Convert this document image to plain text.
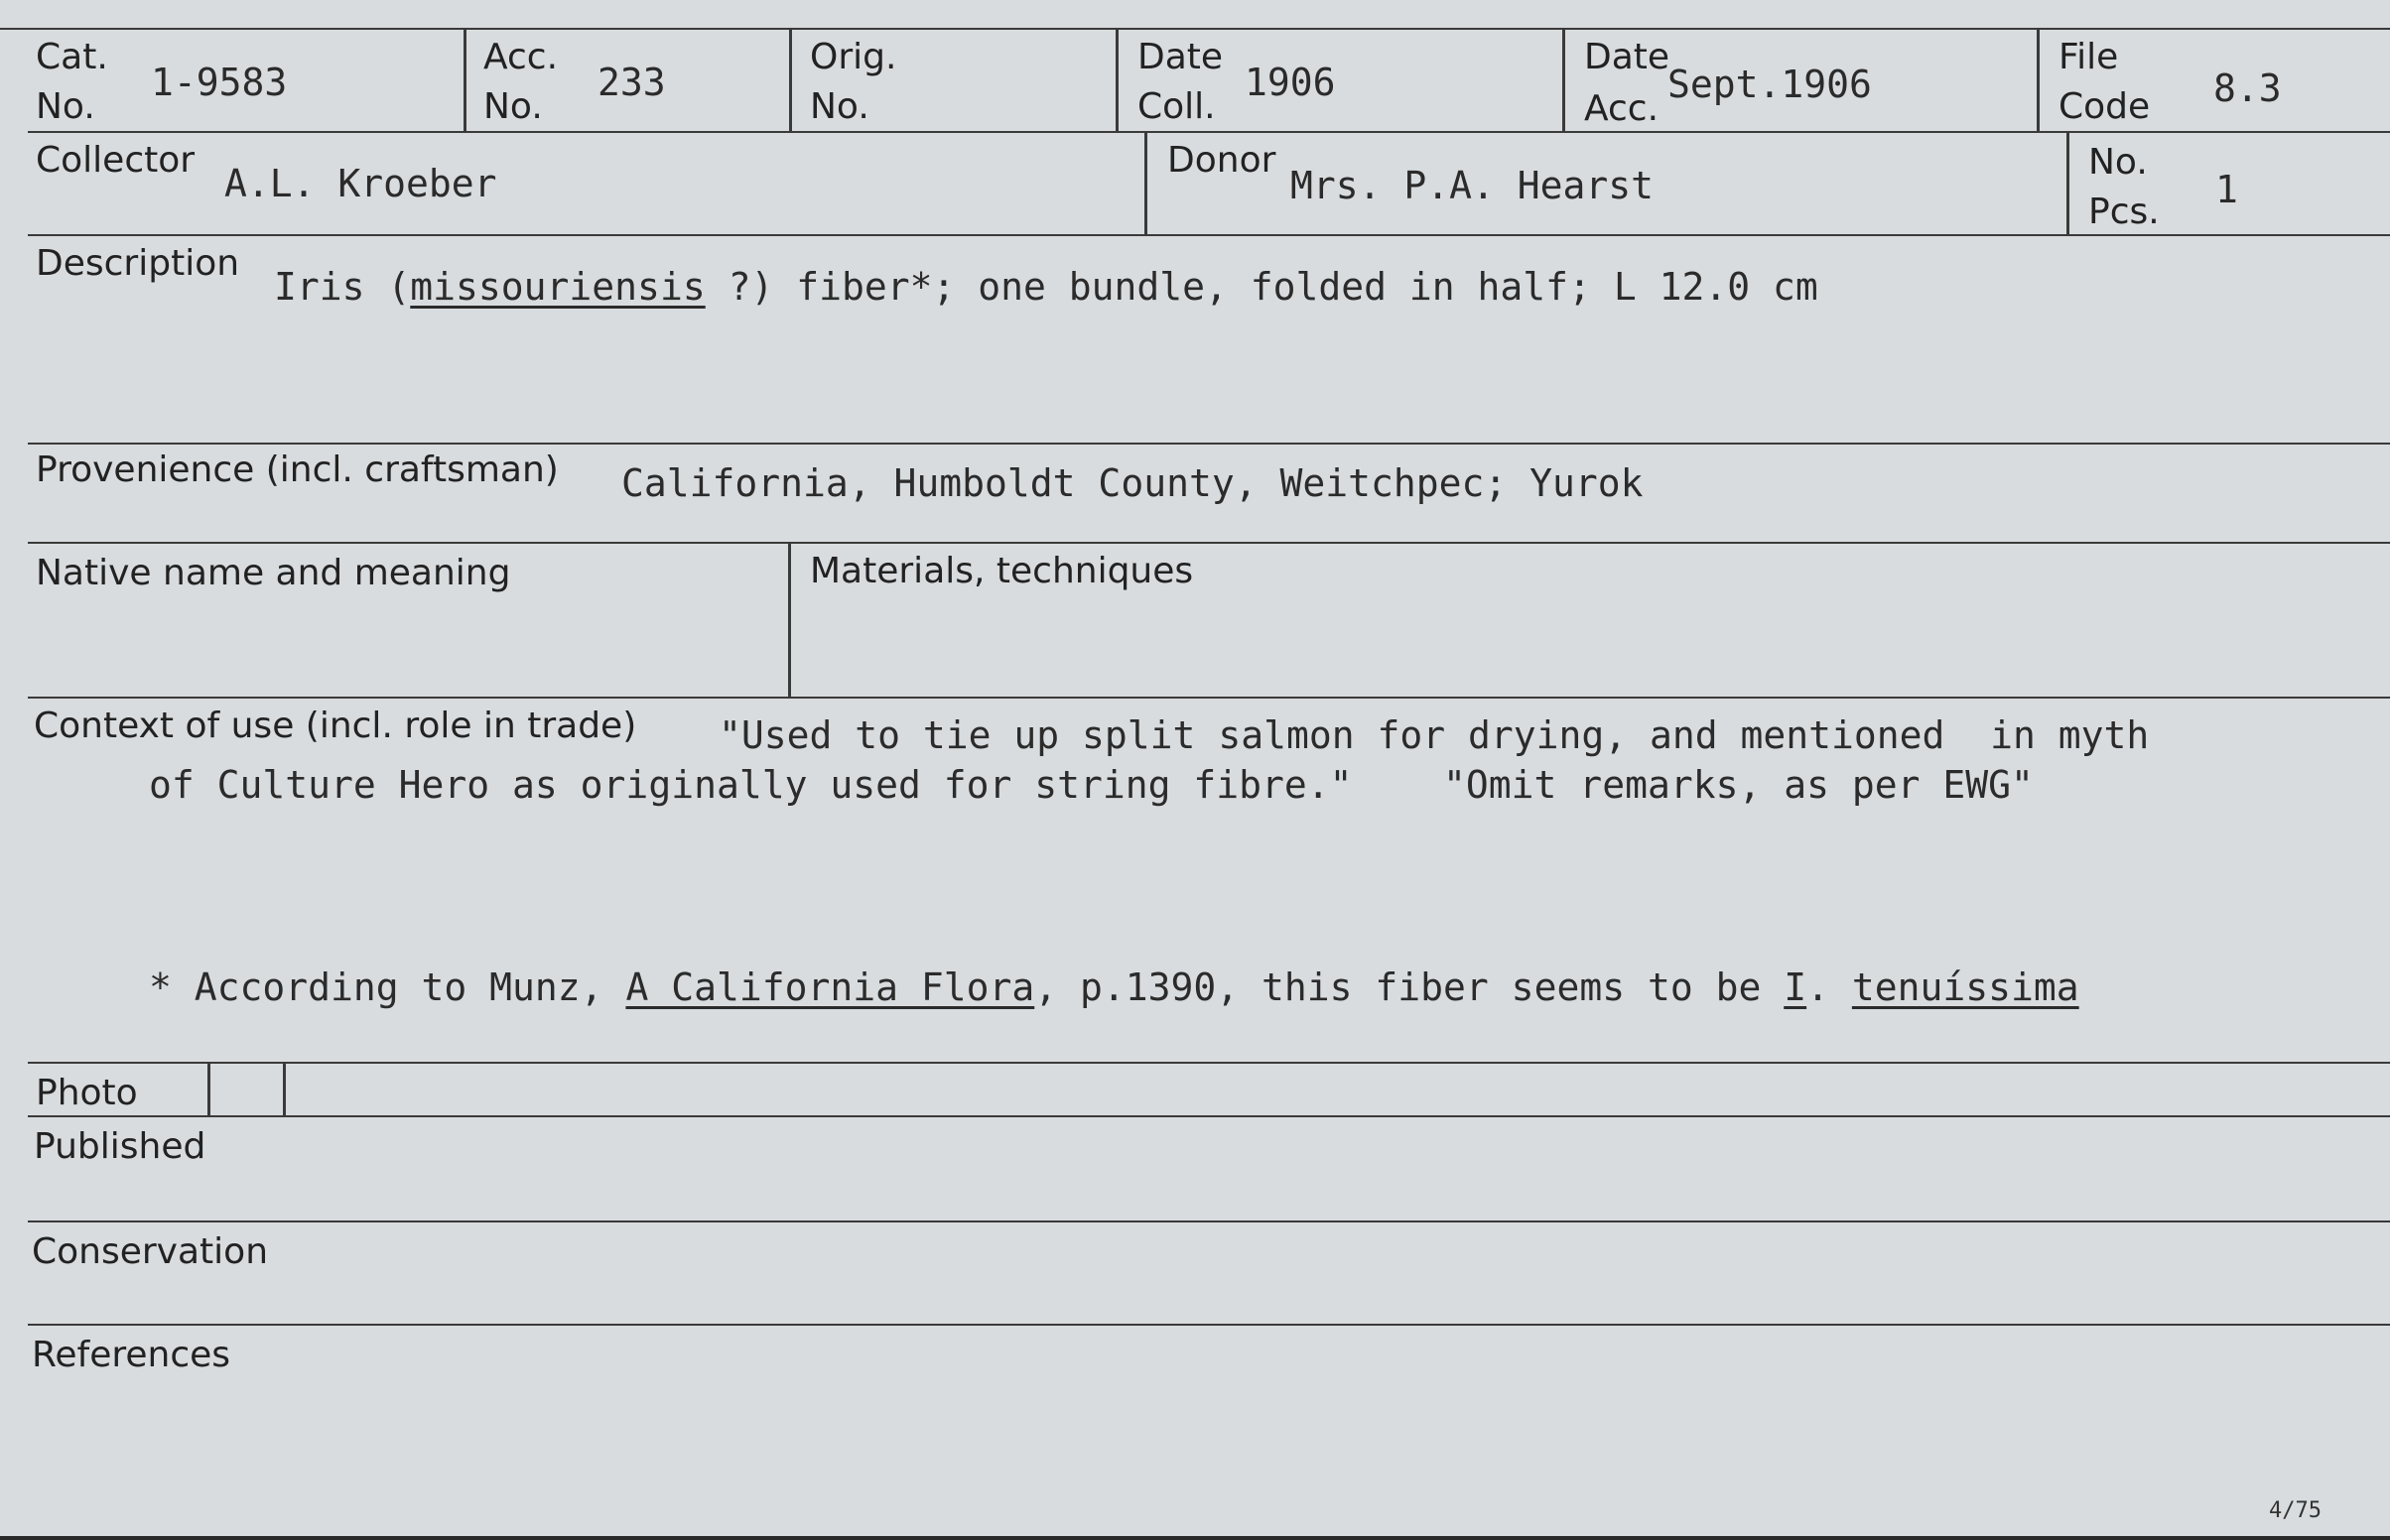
Cat.
No.
1-9583
Acc.
No.
233
Orig.
No.
Date
Coll.
1906
Date
Acc.
Sept.1906
File
Code 8.3
Collector
A.L. Kroeber
Donor
Mrs. P.A. Hearst
No.
Pcs.
1
Description
Iris (missouriensis ?) fiber*; one bundle, folded in half; L 12.0 cm
Provenience (incl. craftsman) California, Humboldt County, Weitchpec; Yurok
Native name and meaning	Materials, techniques
Context of use (incl. role in trade) "Used to tie up split salmon for drying, and mentioned  in myth
of Culture Hero as originally used for string fibre."    "Omit remarks, as per EWG"
* According to Munz, A California Flora, p.1390, this fiber seems to be I. tenuíssima
Photo
Published
Conservation
References
4/75
